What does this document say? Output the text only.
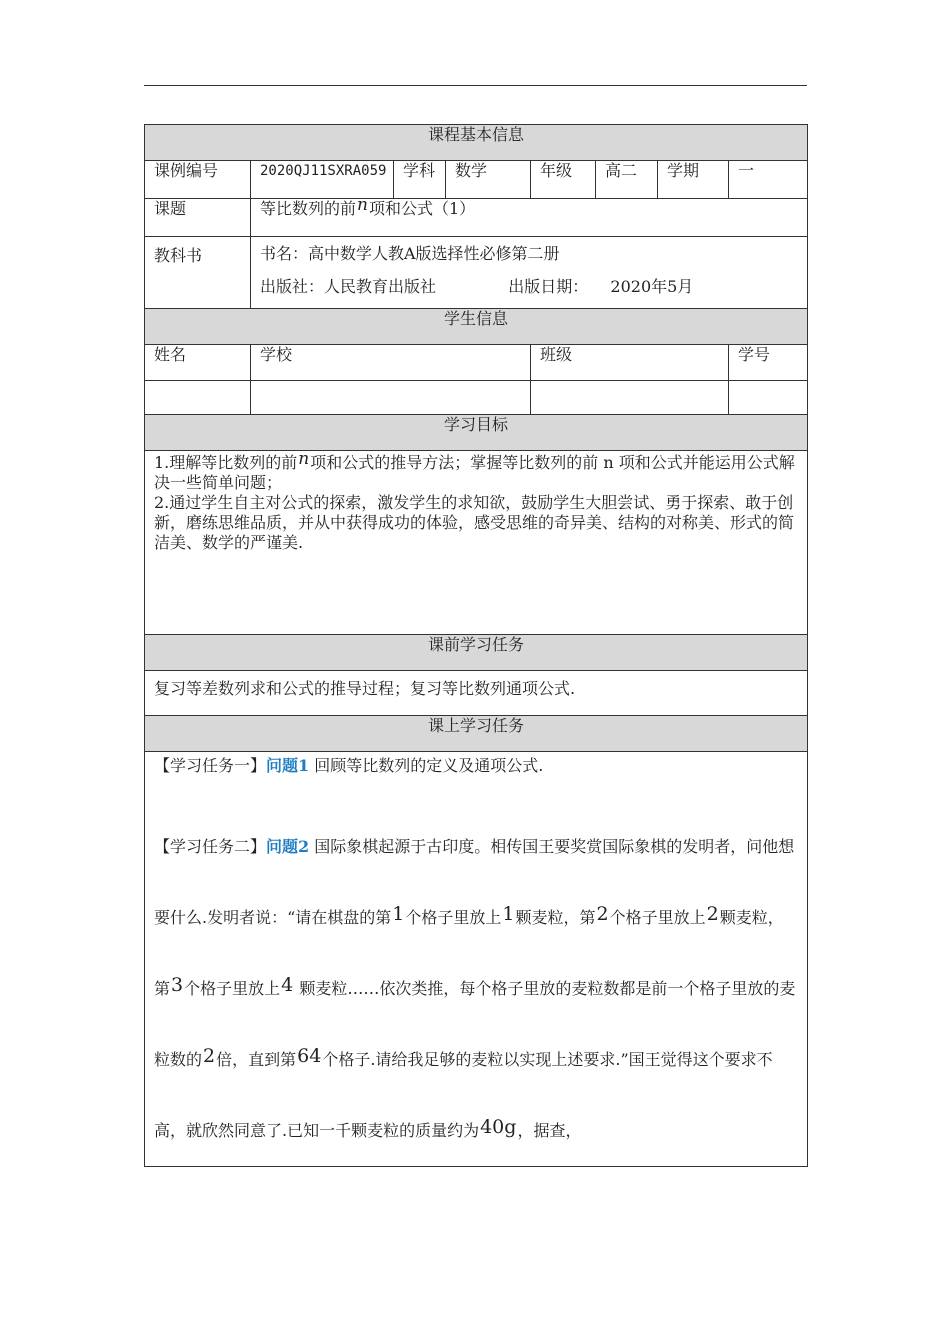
课程基本信息							
课例编号	2020QJ11SXRA059	学科	数学	年级	高二	学期	一
课题	等比数列的前n项和公式（1）						
教科书	书名：高中数学人教A版选择性必修第二册
出版社：人民教育出版社 出版日期： 2020年5月						

学生信息							
姓名	学校			班级			学号

学习目标							

1.理解等比数列的前n项和公式的推导方法；掌握等比数列的前 n 项和公式并能运用公式解决一些简单问题；
2.通过学生自主对公式的探索，激发学生的求知欲，鼓励学生大胆尝试、勇于探索、敢于创新，磨练思维品质，并从中获得成功的体验，感受思维的奇异美、结构的对称美、形式的简洁美、数学的严谨美.							

课前学习任务							
复习等差数列求和公式的推导过程；复习等比数列通项公式.							
课上学习任务							

【学习任务一】问题1 回顾等比数列的定义及通项公式.

【学习任务二】问题2 国际象棋起源于古印度。相传国王要奖赏国际象棋的发明者，问他想要什么.发明者说：“请在棋盘的第1个格子里放上1颗麦粒，第2个格子里放上2颗麦粒，第3个格子里放上4 颗麦粒……依次类推，每个格子里放的麦粒数都是前一个格子里放的麦粒数的2倍，直到第64个格子.请给我足够的麦粒以实现上述要求.”国王觉得这个要求不高，就欣然同意了.已知一千颗麦粒的质量约为40g，据查，							
